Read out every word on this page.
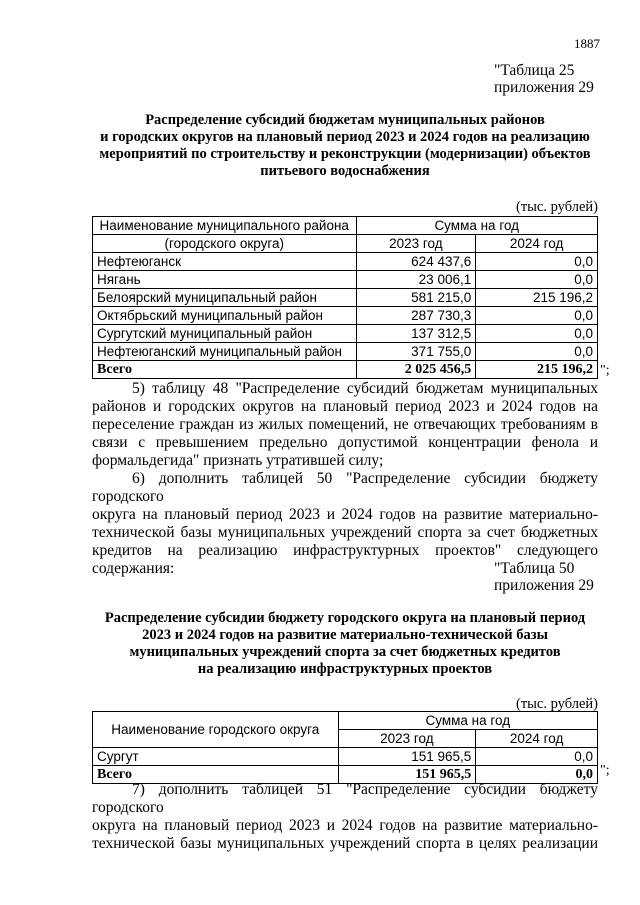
1887
"Таблица 25
приложения 29
Распределение субсидий бюджетам муниципальных районов
и городских округов на плановый период 2023 и 2024 годов на реализацию
мероприятий по строительству и реконструкции (модернизации) объектов
питьевого водоснабжения
(тыс. рублей)
Наименование муниципального района	Сумма на год	
(городского округа)	2023 год	2024 год
Нефтеюганск	624 437,6	0,0
Нягань	23 006,1	0,0
Белоярский муниципальный район	581 215,0	215 196,2
Октябрьский муниципальный район	287 730,3	0,0
Сургутский муниципальный район	137 312,5	0,0
Нефтеюганский муниципальный район	371 755,0	0,0
Всего	2 025 456,5	215 196,2 ";
5) таблицу 48 "Распределение субсидий бюджетам муниципальных
районов и городских округов на плановый период 2023 и 2024 годов на
переселение граждан из жилых помещений, не отвечающих требованиям в
связи с превышением предельно допустимой концентрации фенола и
формальдегида" признать утратившей силу;
6) дополнить таблицей 50 "Распределение субсидии бюджету городского
округа на плановый период 2023 и 2024 годов на развитие материально-
технической базы муниципальных учреждений спорта за счет бюджетных
кредитов на реализацию инфраструктурных проектов" следующего
содержания:	"Таблица 50
приложения 29
Распределение субсидии бюджету городского округа на плановый период
2023 и 2024 годов на развитие материально-технической базы
муниципальных учреждений спорта за счет бюджетных кредитов
на реализацию инфраструктурных проектов
(тыс. рублей)
Наименование городского округа	Сумма на год	
	2023 год	2024 год
Сургут	151 965,5	0,0
Всего	151 965,5	0,0 ";
7) дополнить таблицей 51 "Распределение субсидии бюджету городского
округа на плановый период 2023 и 2024 годов на развитие материально-
технической базы муниципальных учреждений спорта в целях реализации
